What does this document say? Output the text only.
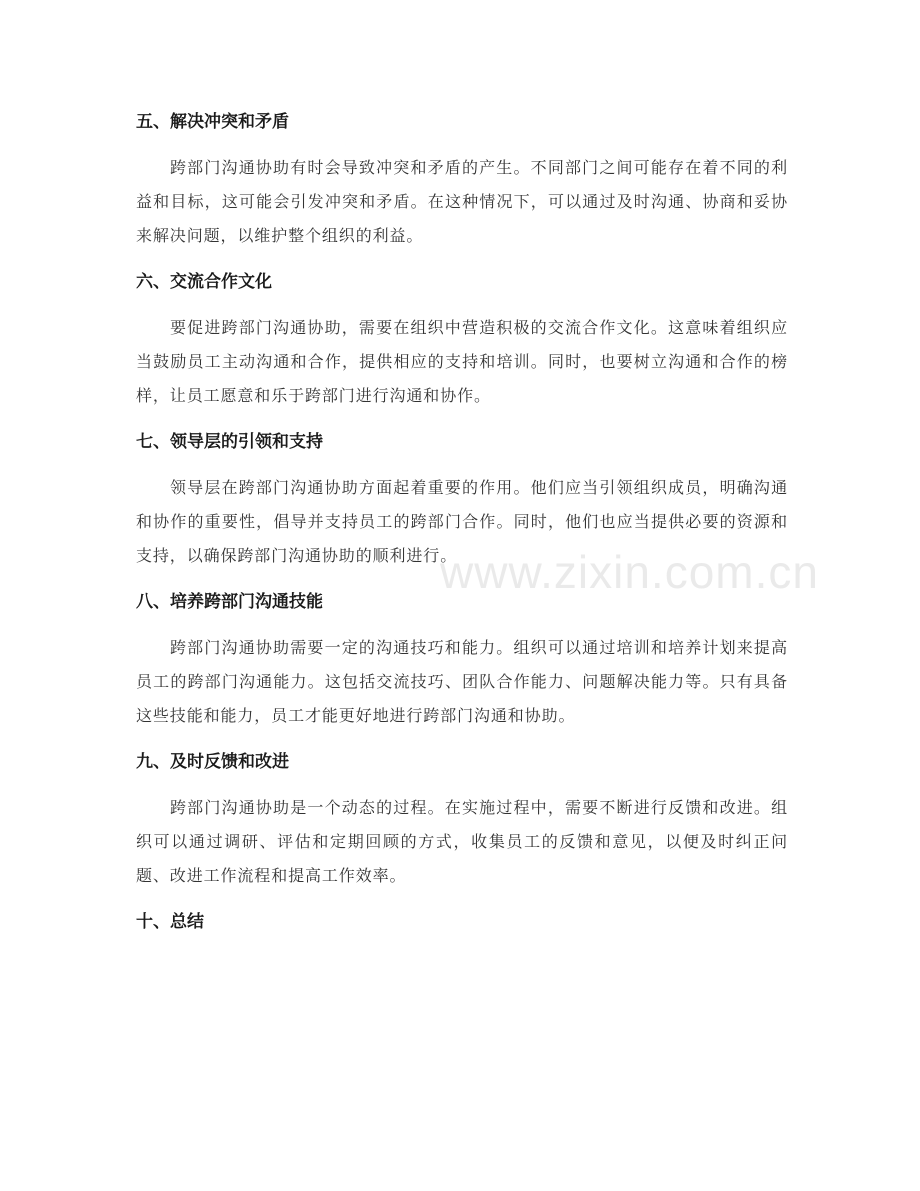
五、解决冲突和矛盾

跨部门沟通协助有时会导致冲突和矛盾的产生。不同部门之间可能存在着不同的利益和目标，这可能会引发冲突和矛盾。在这种情况下，可以通过及时沟通、协商和妥协来解决问题，以维护整个组织的利益。

六、交流合作文化

要促进跨部门沟通协助，需要在组织中营造积极的交流合作文化。这意味着组织应当鼓励员工主动沟通和合作，提供相应的支持和培训。同时，也要树立沟通和合作的榜样，让员工愿意和乐于跨部门进行沟通和协作。

七、领导层的引领和支持

领导层在跨部门沟通协助方面起着重要的作用。他们应当引领组织成员，明确沟通和协作的重要性，倡导并支持员工的跨部门合作。同时，他们也应当提供必要的资源和支持，以确保跨部门沟通协助的顺利进行。

八、培养跨部门沟通技能

跨部门沟通协助需要一定的沟通技巧和能力。组织可以通过培训和培养计划来提高员工的跨部门沟通能力。这包括交流技巧、团队合作能力、问题解决能力等。只有具备这些技能和能力，员工才能更好地进行跨部门沟通和协助。

九、及时反馈和改进

跨部门沟通协助是一个动态的过程。在实施过程中，需要不断进行反馈和改进。组织可以通过调研、评估和定期回顾的方式，收集员工的反馈和意见，以便及时纠正问题、改进工作流程和提高工作效率。

十、总结
www.zixin.com.cn
